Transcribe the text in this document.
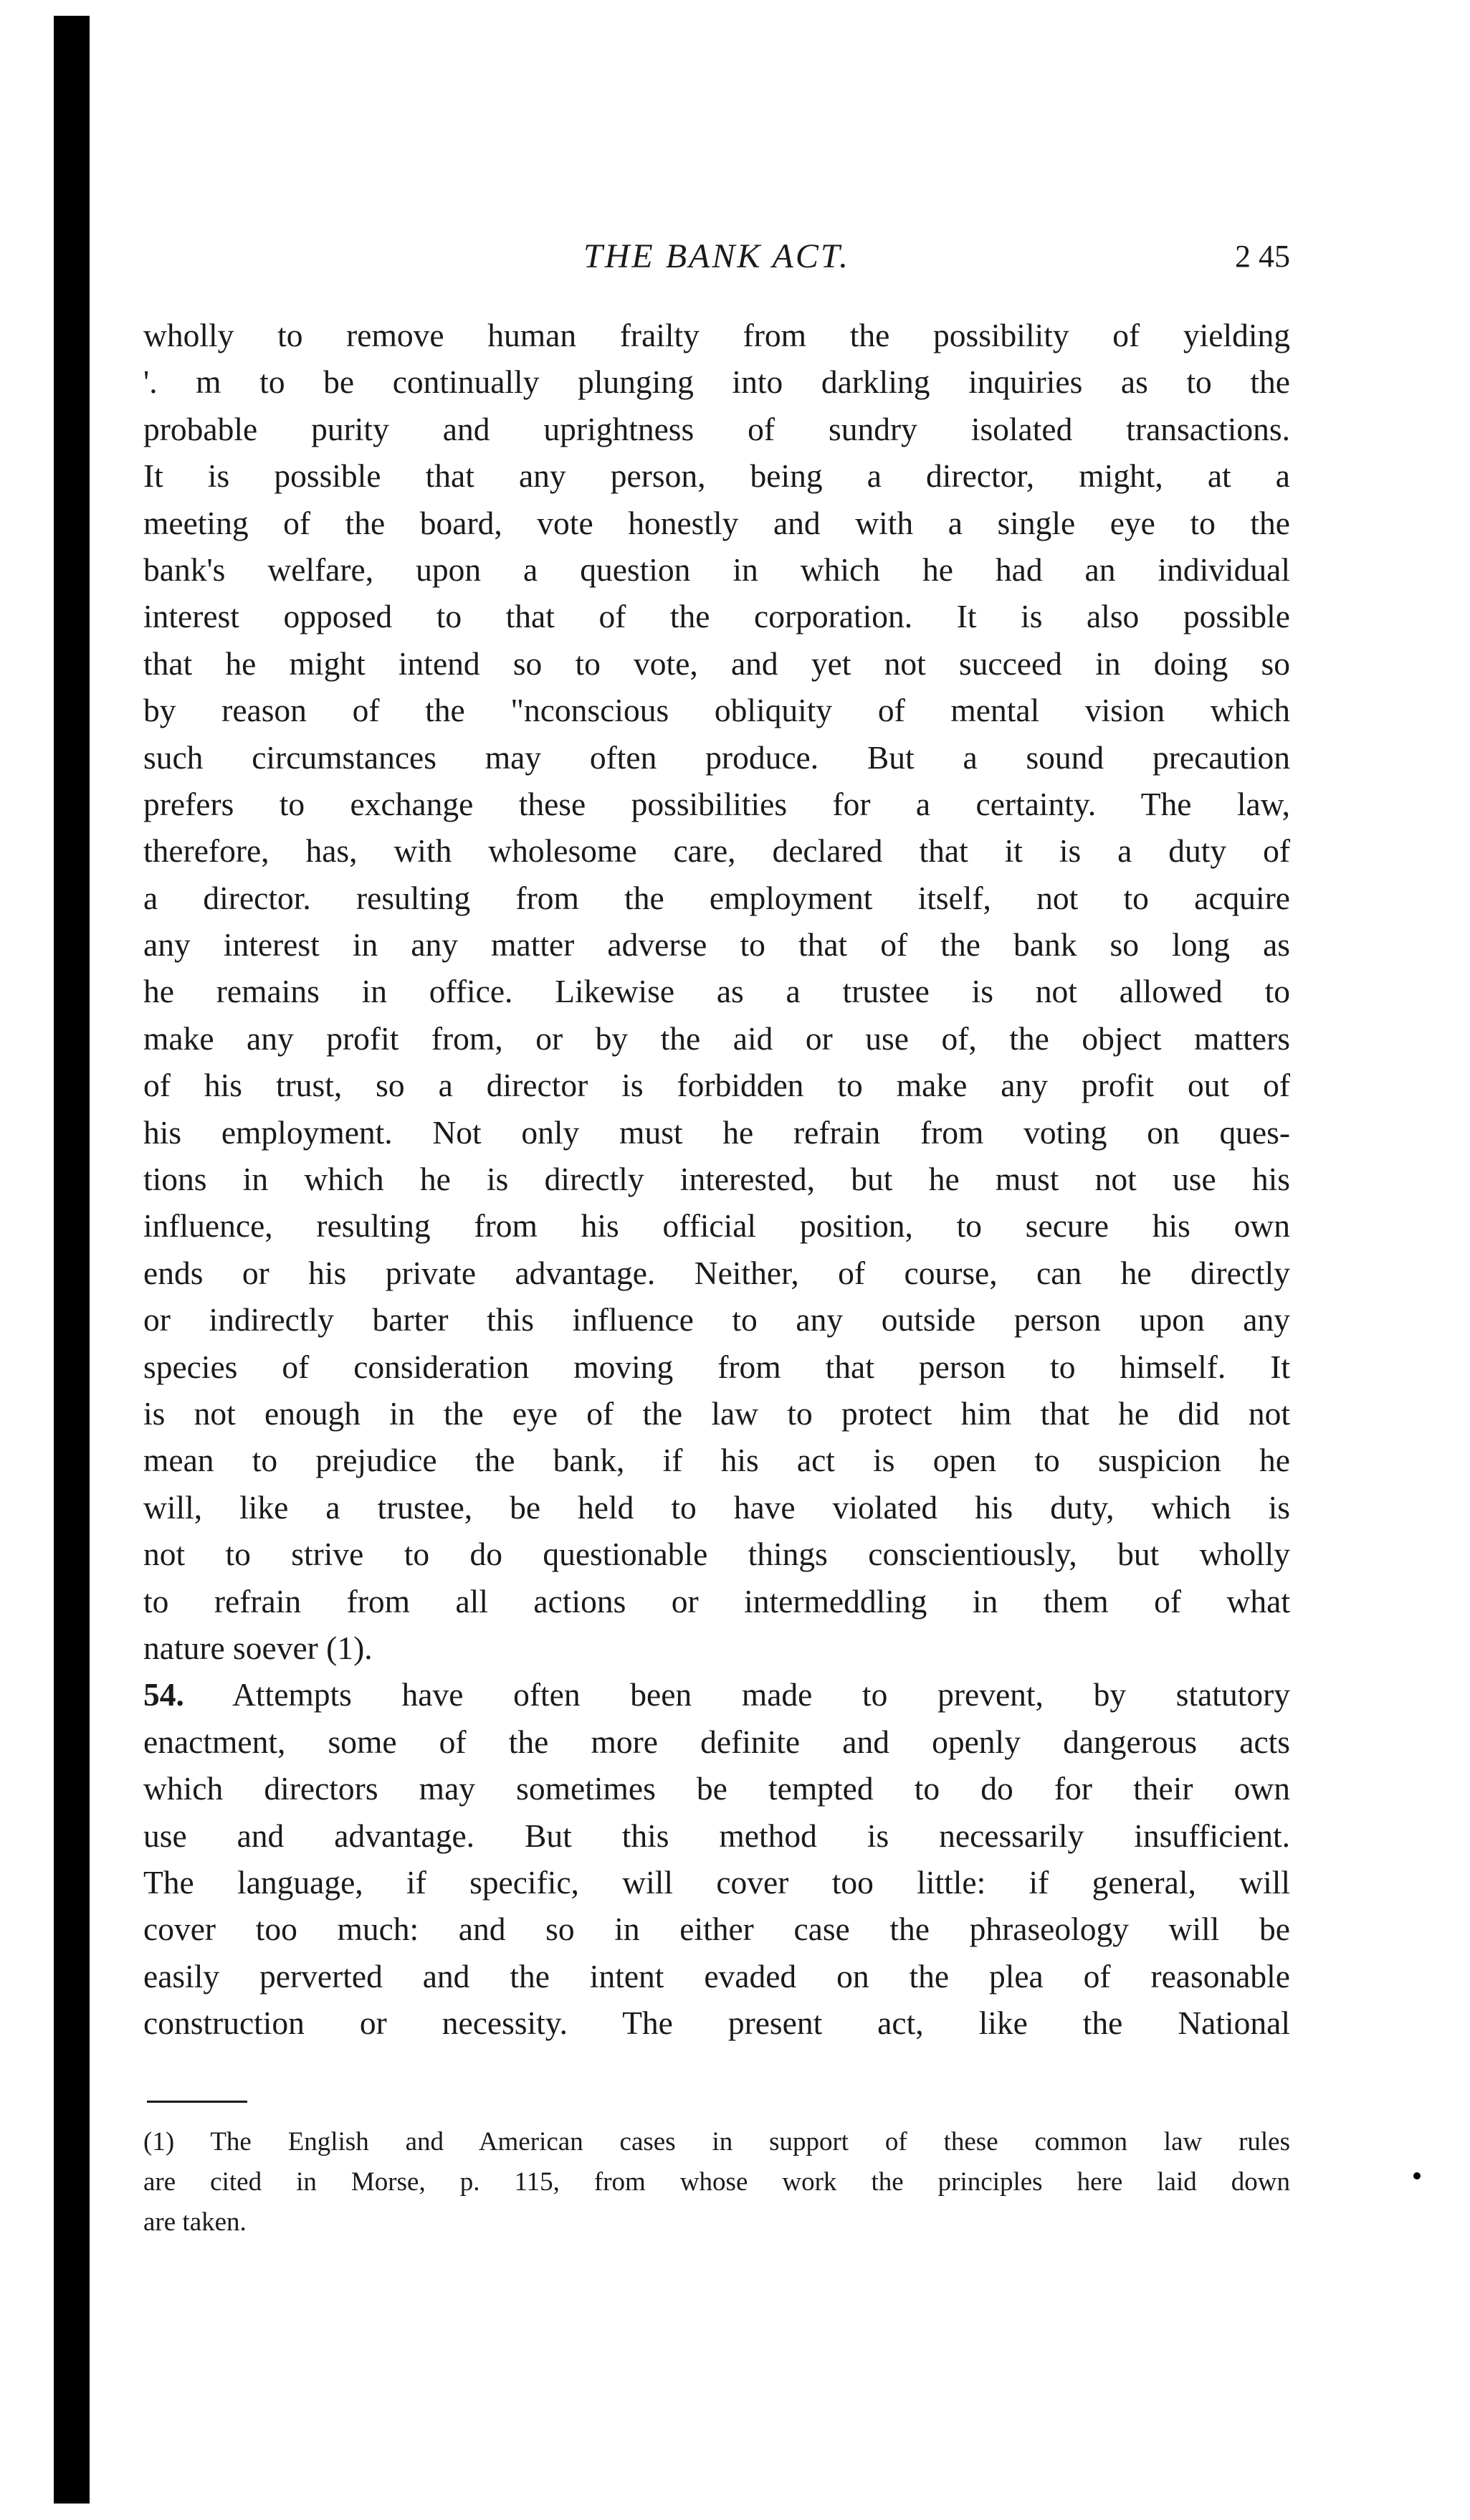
THE BANK ACT.	2 45
wholly to remove human frailty from the possibility of yielding
'. m to be continually plunging into darkling inquiries as to the
probable purity and uprightness of sundry isolated transactions.
It is possible that any person, being a director, might, at a
meeting of the board, vote honestly and with a single eye to the
bank's welfare, upon a question in which he had an individual
interest opposed to that of the corporation. It is also possible
that he might intend so to vote, and yet not succeed in doing so
by reason of the "nconscious obliquity of mental vision which
such circumstances may often produce. But a sound precaution
prefers to exchange these possibilities for a certainty. The law,
therefore, has, with wholesome care, declared that it is a duty of
a director. resulting from the employment itself, not to acquire
any interest in any matter adverse to that of the bank so long as
he remains in office. Likewise as a trustee is not allowed to
make any profit from, or by the aid or use of, the object matters
of his trust, so a director is forbidden to make any profit out of
his employment. Not only must he refrain from voting on ques-
tions in which he is directly interested, but he must not use his
influence, resulting from his official position, to secure his own
ends or his private advantage. Neither, of course, can he directly
or indirectly barter this influence to any outside person upon any
species of consideration moving from that person to himself. It
is not enough in the eye of the law to protect him that he did not
mean to prejudice the bank, if his act is open to suspicion he
will, like a trustee, be held to have violated his duty, which is
not to strive to do questionable things conscientiously, but wholly
to refrain from all actions or intermeddling in them of what
nature soever (1).
54. Attempts have often been made to prevent, by statutory
enactment, some of the more definite and openly dangerous acts
which directors may sometimes be tempted to do for their own
use and advantage. But this method is necessarily insufficient.
The language, if specific, will cover too little: if general, will
cover too much: and so in either case the phraseology will be
easily perverted and the intent evaded on the plea of reasonable
construction or necessity. The present act, like the National
(1) The English and American cases in support of these common law rules
are cited in Morse, p. 115, from whose work the principles here laid down
are taken.
